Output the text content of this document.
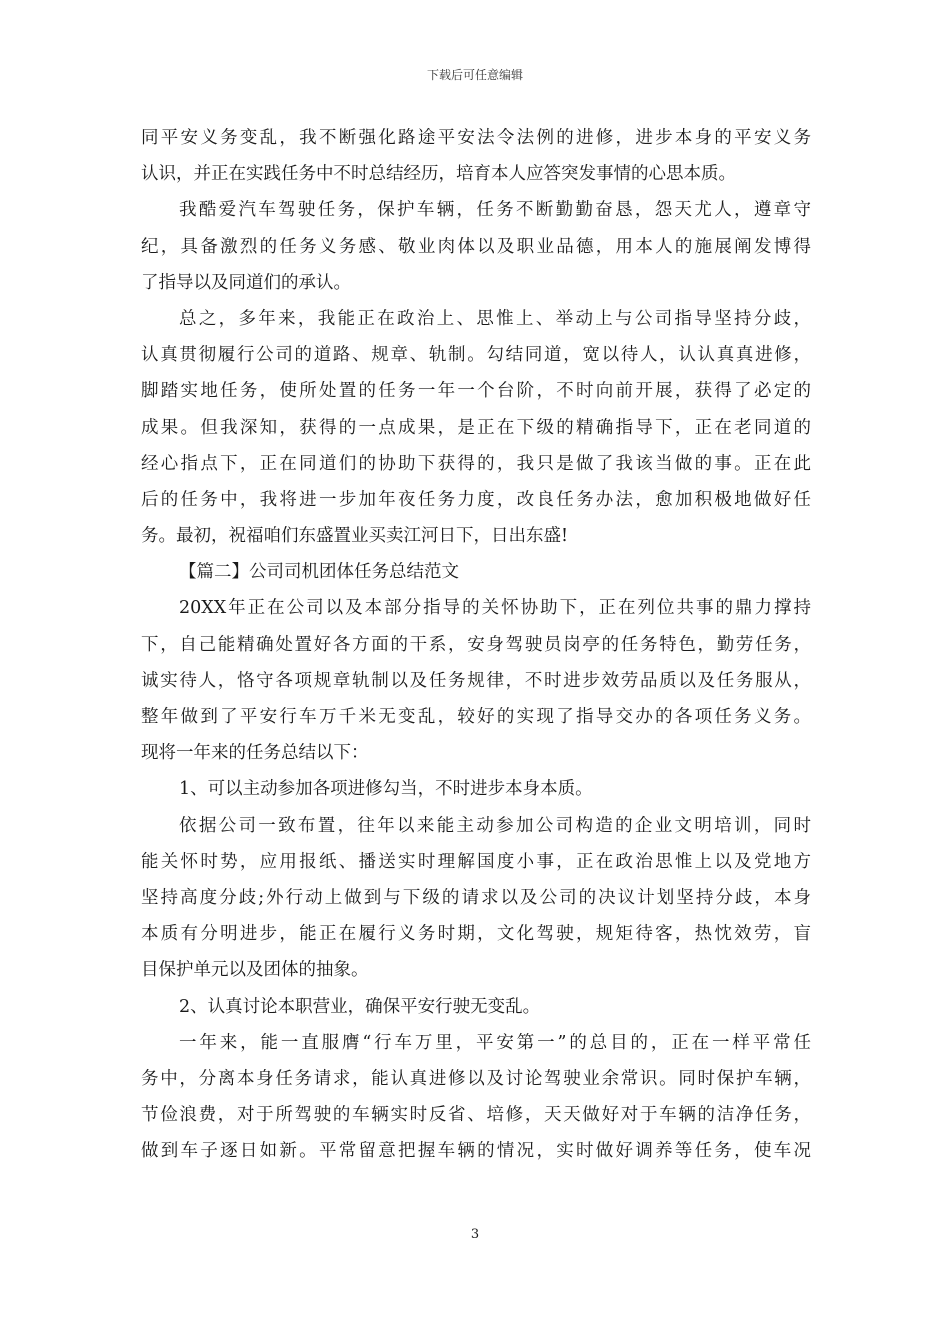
下载后可任意编辑
同平安义务变乱，我不断强化路途平安法令法例的进修，进步本身的平安义务
认识，并正在实践任务中不时总结经历，培育本人应答突发事情的心思本质。
我酷爱汽车驾驶任务，保护车辆，任务不断勤勤奋恳，怨天尤人，遵章守
纪，具备激烈的任务义务感、敬业肉体以及职业品德，用本人的施展阐发博得
了指导以及同道们的承认。
总之，多年来，我能正在政治上、思惟上、举动上与公司指导坚持分歧，
认真贯彻履行公司的道路、规章、轨制。勾结同道，宽以待人，认认真真进修，
脚踏实地任务，使所处置的任务一年一个台阶，不时向前开展，获得了必定的
成果。但我深知，获得的一点成果，是正在下级的精确指导下，正在老同道的
经心指点下，正在同道们的协助下获得的，我只是做了我该当做的事。正在此
后的任务中，我将进一步加年夜任务力度，改良任务办法，愈加积极地做好任
务。最初，祝福咱们东盛置业买卖江河日下，日出东盛!
【篇二】公司司机团体任务总结范文
20XX年正在公司以及本部分指导的关怀协助下，正在列位共事的鼎力撑持
下，自己能精确处置好各方面的干系，安身驾驶员岗亭的任务特色，勤劳任务，
诚实待人，恪守各项规章轨制以及任务规律，不时进步效劳品质以及任务服从，
整年做到了平安行车万千米无变乱，较好的实现了指导交办的各项任务义务。
现将一年来的任务总结以下：
1、可以主动参加各项进修勾当，不时进步本身本质。
依据公司一致布置，往年以来能主动参加公司构造的企业文明培训，同时
能关怀时势，应用报纸、播送实时理解国度小事，正在政治思惟上以及党地方
坚持高度分歧;外行动上做到与下级的请求以及公司的决议计划坚持分歧，本身
本质有分明进步，能正在履行义务时期，文化驾驶，规矩待客，热忱效劳，盲
目保护单元以及团体的抽象。
2、认真讨论本职营业，确保平安行驶无变乱。
一年来，能一直服膺“行车万里，平安第一”的总目的，正在一样平常任
务中，分离本身任务请求，能认真进修以及讨论驾驶业余常识。同时保护车辆，
节俭浪费，对于所驾驶的车辆实时反省、培修，天天做好对于车辆的洁净任务，
做到车子逐日如新。平常留意把握车辆的情况，实时做好调养等任务，使车况
3
